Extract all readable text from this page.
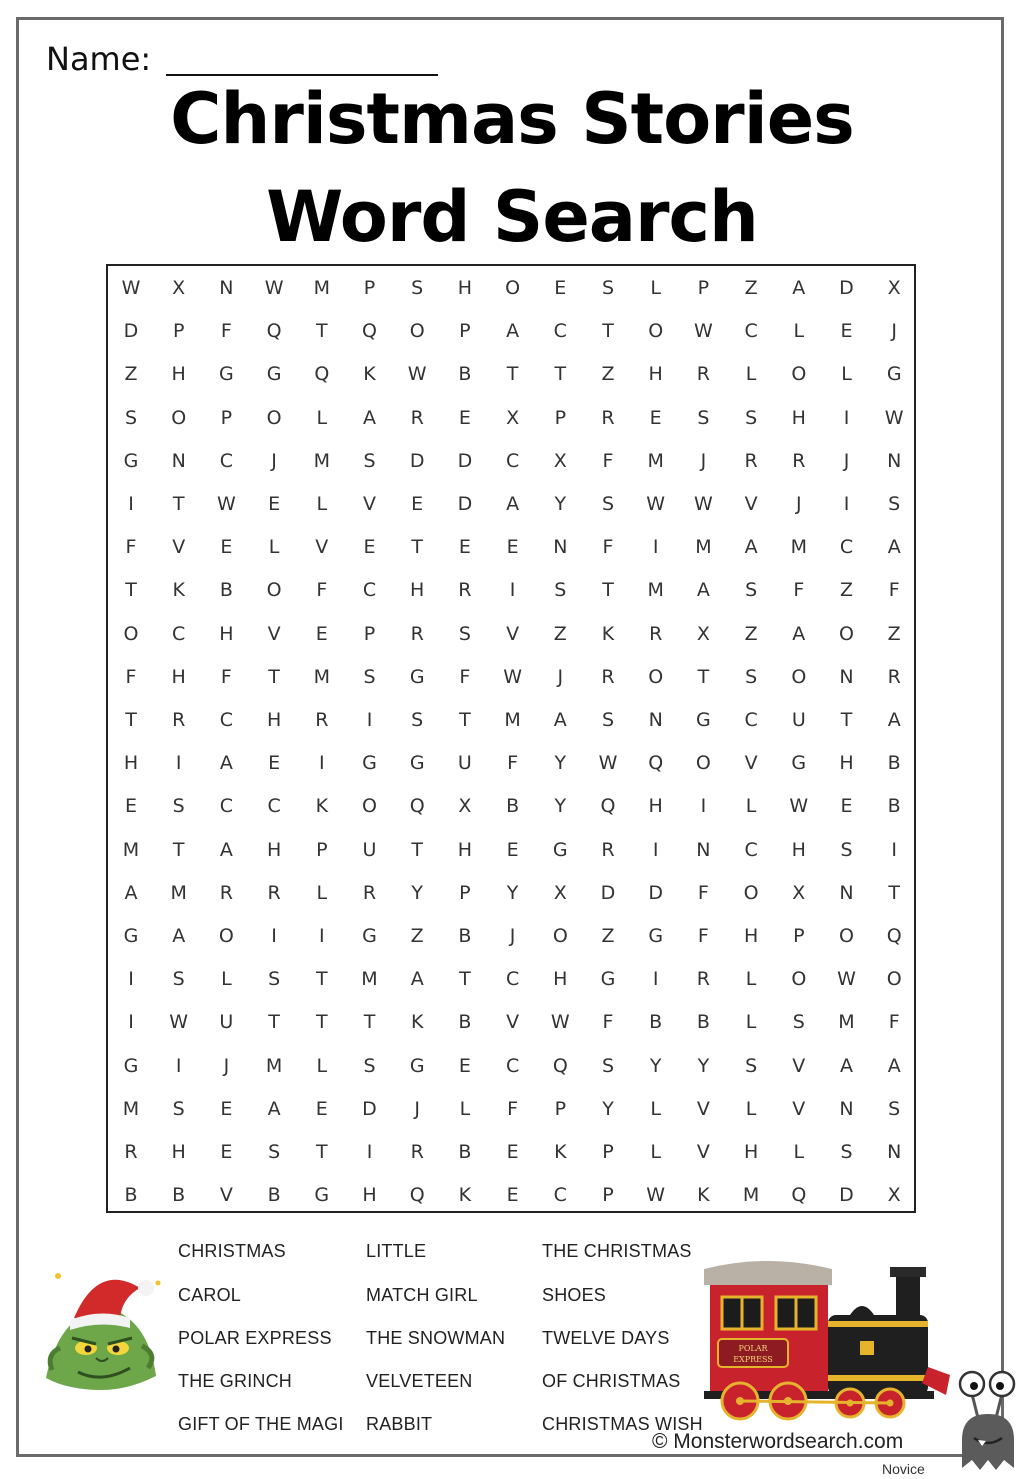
Name:
Christmas Stories
Word Search
W	X	N	W	M	P	S	H	O	E	S	L	P	Z	A	D	X
D	P	F	Q	T	Q	O	P	A	C	T	O	W	C	L	E	J
Z	H	G	G	Q	K	W	B	T	T	Z	H	R	L	O	L	G
S	O	P	O	L	A	R	E	X	P	R	E	S	S	H	I	W
G	N	C	J	M	S	D	D	C	X	F	M	J	R	R	J	N
I	T	W	E	L	V	E	D	A	Y	S	W	W	V	J	I	S
F	V	E	L	V	E	T	E	E	N	F	I	M	A	M	C	A
T	K	B	O	F	C	H	R	I	S	T	M	A	S	F	Z	F
O	C	H	V	E	P	R	S	V	Z	K	R	X	Z	A	O	Z
F	H	F	T	M	S	G	F	W	J	R	O	T	S	O	N	R
T	R	C	H	R	I	S	T	M	A	S	N	G	C	U	T	A
H	I	A	E	I	G	G	U	F	Y	W	Q	O	V	G	H	B
E	S	C	C	K	O	Q	X	B	Y	Q	H	I	L	W	E	B
M	T	A	H	P	U	T	H	E	G	R	I	N	C	H	S	I
A	M	R	R	L	R	Y	P	Y	X	D	D	F	O	X	N	T
G	A	O	I	I	G	Z	B	J	O	Z	G	F	H	P	O	Q
I	S	L	S	T	M	A	T	C	H	G	I	R	L	O	W	O
I	W	U	T	T	T	K	B	V	W	F	B	B	L	S	M	F
G	I	J	M	L	S	G	E	C	Q	S	Y	Y	S	V	A	A
M	S	E	A	E	D	J	L	F	P	Y	L	V	L	V	N	S
R	H	E	S	T	I	R	B	E	K	P	L	V	H	L	S	N
B	B	V	B	G	H	Q	K	E	C	P	W	K	M	Q	D	X
CHRISTMAS
CAROL
POLAR EXPRESS
THE GRINCH
GIFT OF THE MAGI
LITTLE
MATCH GIRL
THE SNOWMAN
VELVETEEN
RABBIT
THE CHRISTMAS
SHOES
TWELVE DAYS
OF CHRISTMAS
CHRISTMAS WISH
POLAR
EXPRESS
© Monsterwordsearch.com
Novice
